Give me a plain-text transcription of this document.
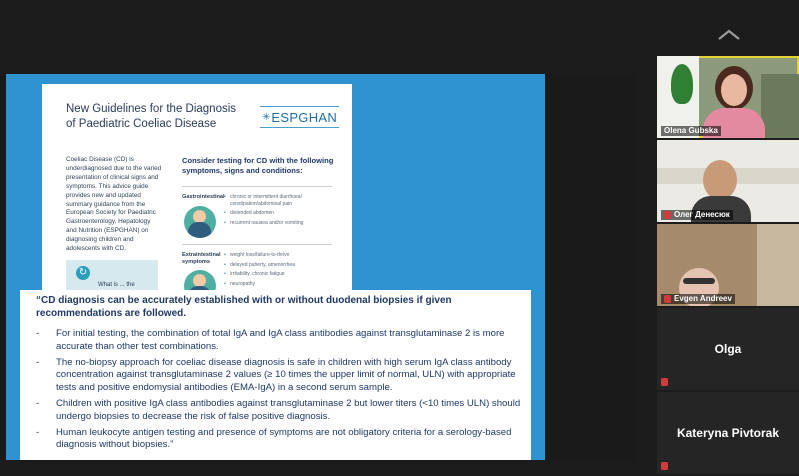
New Guidelines for the Diagnosis of Paediatric Coeliac Disease
✳ ESPGHAN
Coeliac Disease (CD) is underdiagnosed due to the varied presentation of clinical signs and symptoms. This advice guide provides new and updated summary guidance from the European Society for Paediatric Gastroenterology, Hepatology and Nutrition (ESPGHAN) on diagnosing children and adolescents with CD.
Consider testing for CD with the following symptoms, signs and conditions:
Gastrointestinal
•	chronic or intermittent diarrhoea/ constipation/abdominal pain
• distended abdomen
• recurrent nausea and/or vomiting
Extraintestinal symptoms
• weight loss/failure-to-thrive
• delayed puberty, amenorrhea
• irritability, chronic fatigue
• neuropathy
↻
What is ... the

“CD diagnosis can be accurately established with or without duodenal biopsies if given recommendations are followed.

- For initial testing, the combination of total IgA and IgA class antibodies against transglutaminase 2 is more accurate than other test combinations.
- The no-biopsy approach for coeliac disease diagnosis is safe in children with high serum IgA class antibody concentration against transglutaminase 2 values (≥ 10 times the upper limit of normal, ULN) with appropriate tests and positive endomysial antibodies (EMA-IgA) in a second serum sample.
- Children with positive IgA class antibodies against transglutaminase 2 but lower titers (<10 times ULN) should undergo biopsies to decrease the risk of false positive diagnosis.
- Human leukocyte antigen testing and presence of symptoms are not obligatory criteria for a serology-based diagnosis without biopsies.”
Olena Gubska
Олег Денесюк
Evgen Andreev
Olga
Kateryna Pivtorak
